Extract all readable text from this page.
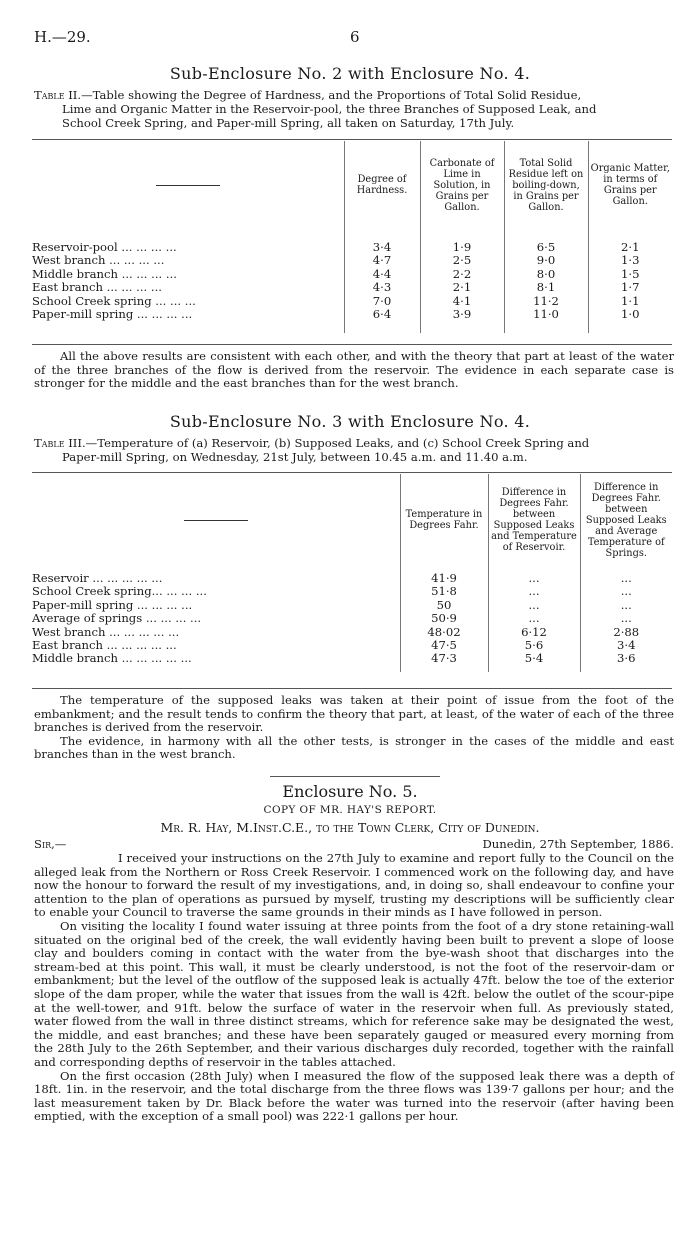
H.—29.	6
Sub-Enclosure No. 2 with Enclosure No. 4.
Table II.—Table showing the Degree of Hardness, and the Proportions of Total Solid Residue,
Lime and Organic Matter in the Reservoir-pool, the three Branches of Supposed Leak, and
School Creek Spring, and Paper-mill Spring, all taken on Saturday, 17th July.
	Degree of Hardness.	Carbonate of Lime in Solution, in Grains per Gallon.	Total Solid Residue left on boiling-down, in Grains per Gallon.	Organic Matter, in terms of Grains per Gallon.

Reservoir-pool ... ... ... ...	3·4	1·9	6·5	2·1
West branch ... ... ... ...	4·7	2·5	9·0	1·3
Middle branch ... ... ... ...	4·4	2·2	8·0	1·5
East branch ... ... ... ...	4·3	2·1	8·1	1·7
School Creek spring ... ... ...	7·0	4·1	11·2	1·1
Paper-mill spring ... ... ... ...	6·4	3·9	11·0	1·0

All the above results are consistent with each other, and with the theory that part at least of the water of the three branches of the flow is derived from the reservoir. The evidence in each separate case is stronger for the middle and the east branches than for the west branch.
Sub-Enclosure No. 3 with Enclosure No. 4.
Table III.—Temperature of (a) Reservoir, (b) Supposed Leaks, and (c) School Creek Spring and
Paper-mill Spring, on Wednesday, 21st July, between 10.45 a.m. and 11.40 a.m.
	Temperature in Degrees Fahr.	Difference in Degrees Fahr. between Supposed Leaks and Temperature of Reservoir.	Difference in Degrees Fahr. between Supposed Leaks and Average Temperature of Springs.

Reservoir ... ... ... ... ...	41·9	...	...
School Creek spring... ... ... ...	51·8	...	...
Paper-mill spring ... ... ... ...	50	...	...
Average of springs ... ... ... ...	50·9	...	...
West branch ... ... ... ... ...	48·02	6·12	2·88
East branch ... ... ... ... ...	47·5	5·6	3·4
Middle branch ... ... ... ... ...	47·3	5·4	3·6

The temperature of the supposed leaks was taken at their point of issue from the foot of the embankment; and the result tends to confirm the theory that part, at least, of the water of each of the three branches is derived from the reservoir.
The evidence, in harmony with all the other tests, is stronger in the cases of the middle and east branches than in the west branch.
Enclosure No. 5.
COPY OF MR. HAY'S REPORT.
Mr. R. Hay, M.Inst.C.E., to the Town Clerk, City of Dunedin.
Sir,—	Dunedin, 27th September, 1886.
I received your instructions on the 27th July to examine and report fully to the Council on the alleged leak from the Northern or Ross Creek Reservoir. I commenced work on the following day, and have now the honour to forward the result of my investigations, and, in doing so, shall endeavour to confine your attention to the plan of operations as pursued by myself, trusting my descriptions will be sufficiently clear to enable your Council to traverse the same grounds in their minds as I have followed in person.
On visiting the locality I found water issuing at three points from the foot of a dry stone retaining-wall situated on the original bed of the creek, the wall evidently having been built to prevent a slope of loose clay and boulders coming in contact with the water from the bye-wash shoot that discharges into the stream-bed at this point. This wall, it must be clearly understood, is not the foot of the reservoir-dam or embankment; but the level of the outflow of the supposed leak is actually 47ft. below the toe of the exterior slope of the dam proper, while the water that issues from the wall is 42ft. below the outlet of the scour-pipe at the well-tower, and 91ft. below the surface of water in the reservoir when full. As previously stated, water flowed from the wall in three distinct streams, which for reference sake may be designated the west, the middle, and east branches; and these have been separately gauged or measured every morning from the 28th July to the 26th September, and their various discharges duly recorded, together with the rainfall and corresponding depths of reservoir in the tables attached.
On the first occasion (28th July) when I measured the flow of the supposed leak there was a depth of 18ft. 1in. in the reservoir, and the total discharge from the three flows was 139·7 gallons per hour; and the last measurement taken by Dr. Black before the water was turned into the reservoir (after having been emptied, with the exception of a small pool) was 222·1 gallons per hour.
